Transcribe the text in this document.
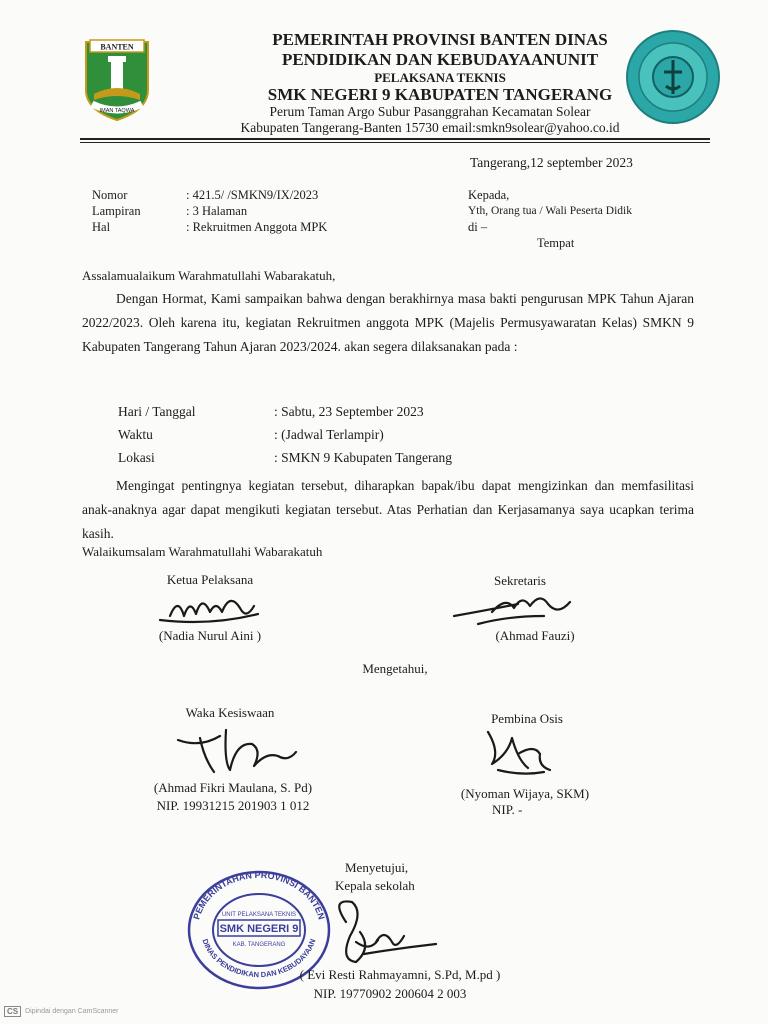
BANTEN
IMAN TAQWA
PEMERINTAH PROVINSI BANTEN DINAS
PENDIDIKAN DAN KEBUDAYAANUNIT
PELAKSANA TEKNIS
SMK NEGERI 9 KABUPATEN TANGERANG
Perum Taman Argo Subur Pasanggrahan Kecamatan Solear
Kabupaten Tangerang-Banten 15730 email:smkn9solear@yahoo.co.id
Tangerang,12 september 2023
Nomor	: 421.5/ /SMKN9/IX/2023
Lampiran	: 3 Halaman
Hal	: Rekruitmen Anggota MPK
Kepada,
Yth, Orang tua / Wali Peserta Didik
di –
Tempat
Assalamualaikum Warahmatullahi Wabarakatuh,
Dengan Hormat, Kami sampaikan bahwa dengan berakhirnya masa bakti pengurusan MPK Tahun Ajaran 2022/2023. Oleh karena itu, kegiatan Rekruitmen anggota MPK (Majelis Permusyawaratan Kelas) SMKN 9 Kabupaten Tangerang Tahun Ajaran 2023/2024. akan segera dilaksanakan pada :
Hari / Tanggal	: Sabtu, 23 September 2023
Waktu	: (Jadwal Terlampir)
Lokasi	: SMKN 9 Kabupaten Tangerang
Mengingat pentingnya kegiatan tersebut, diharapkan bapak/ibu dapat mengizinkan dan memfasilitasi anak-anaknya agar dapat mengikuti kegiatan tersebut. Atas Perhatian dan Kerjasamanya saya ucapkan terima kasih.
Walaikumsalam Warahmatullahi Wabarakatuh
Ketua Pelaksana
(Nadia Nurul Aini )
Sekretaris
(Ahmad Fauzi)
Mengetahui,
Waka Kesiswaan
(Ahmad Fikri Maulana, S. Pd)
NIP. 19931215 201903 1 012
Pembina Osis
(Nyoman Wijaya, SKM)
NIP. -
Menyetujui,
Kepala sekolah
PEMERINTAHAN PROVINSI BANTEN
DINAS PENDIDIKAN DAN KEBUDAYAAN
UNIT PELAKSANA TEKNIS
SMK NEGERI 9
KAB. TANGERANG
( Evi Resti Rahmayamni, S.Pd, M.pd )
NIP. 19770902 200604 2 003
CS	Dipindai dengan CamScanner
